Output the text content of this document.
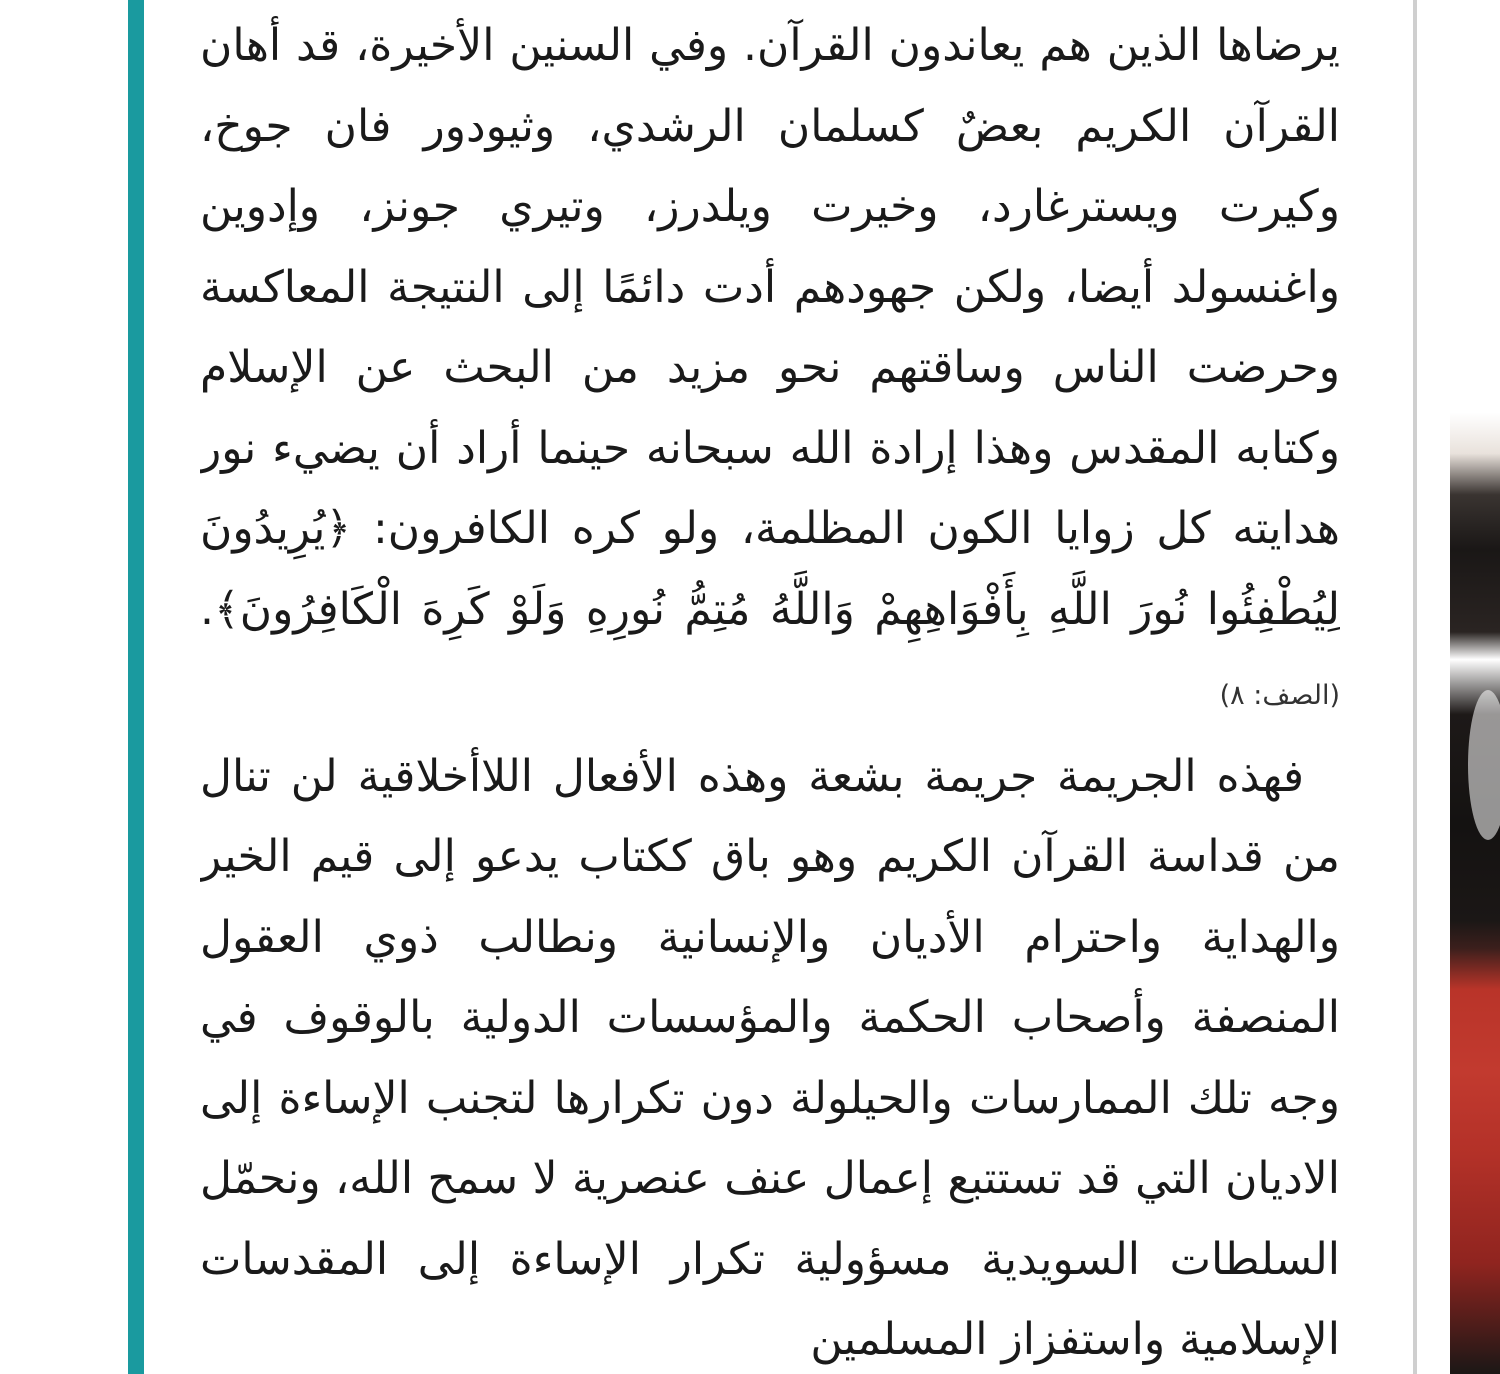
يرضاها الذين هم يعاندون القرآن. وفي السنين الأخيرة، قد أهان القرآن الكريم بعضٌ كسلمان الرشدي، وثيودور فان جوخ، وكيرت ويسترغارد، وخيرت ويلدرز، وتيري جونز، وإدوين واغنسولد أيضا، ولكن جهودهم أدت دائمًا إلى النتيجة المعاكسة وحرضت الناس وساقتهم نحو مزيد من البحث عن الإسلام وكتابه المقدس وهذا إرادة الله سبحانه حينما أراد أن يضيء نور هدايته كل زوايا الكون المظلمة، ولو كره الكافرون: ﴿يُرِيدُونَ لِيُطْفِئُوا نُورَ اللَّهِ بِأَفْوَاهِهِمْ وَاللَّهُ مُتِمُّ نُورِهِ وَلَوْ كَرِهَ الْكَافِرُونَ﴾. (الصف: ٨)

فهذه الجريمة جريمة بشعة وهذه الأفعال اللاأخلاقية لن تنال من قداسة القرآن الكريم وهو باق ككتاب يدعو إلى قيم الخير والهداية واحترام الأديان والإنسانية ونطالب ذوي العقول المنصفة وأصحاب الحكمة والمؤسسات الدولية بالوقوف في وجه تلك الممارسات والحيلولة دون تكرارها لتجنب الإساءة إلى الاديان التي قد تستتبع إعمال عنف عنصرية لا سمح الله، ونحمّل السلطات السويدية مسؤولية تكرار الإساءة إلى المقدسات الإسلامية واستفزاز المسلمين
